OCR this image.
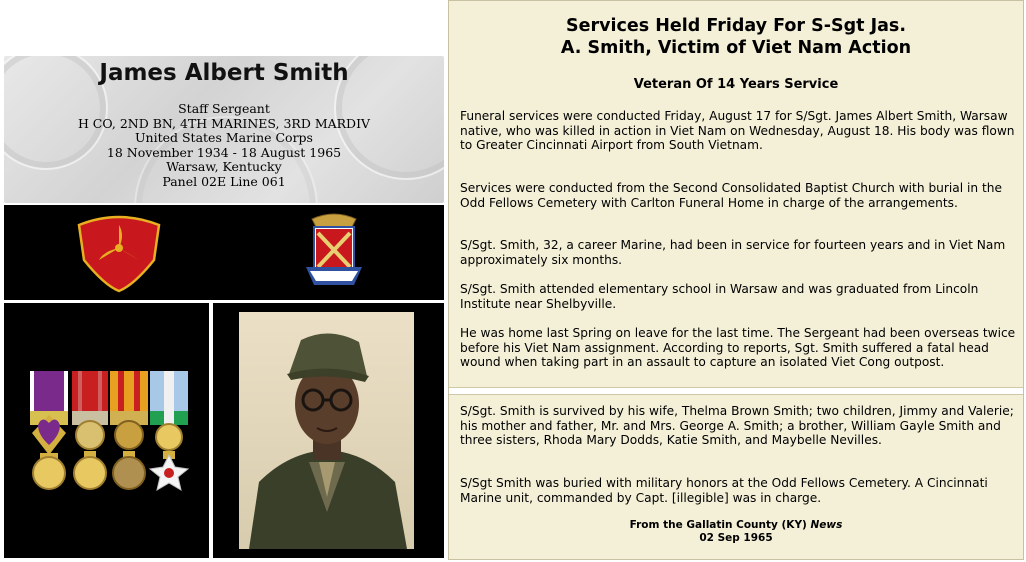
James Albert Smith
Staff Sergeant
H CO, 2ND BN, 4TH MARINES, 3RD MARDIV
United States Marine Corps
18 November 1934 - 18 August 1965
Warsaw, Kentucky
Panel 02E Line 061
Services Held Friday For S-Sgt Jas.
A. Smith, Victim of Viet Nam Action
Veteran Of 14 Years Service
Funeral services were conducted Friday, August 17 for S/Sgt. James Albert Smith, Warsaw native, who was killed in action in Viet Nam on Wednesday, August 18. His body was flown to Greater Cincinnati Airport from South Vietnam.
Services were conducted from the Second Consolidated Baptist Church with burial in the Odd Fellows Cemetery with Carlton Funeral Home in charge of the arrangements.
S/Sgt. Smith, 32, a career Marine, had been in service for fourteen years and in Viet Nam approximately six months.
S/Sgt. Smith attended elementary school in Warsaw and was graduated from Lincoln Institute near Shelbyville.
He was home last Spring on leave for the last time. The Sergeant had been overseas twice before his Viet Nam assignment. According to reports, Sgt. Smith suffered a fatal head wound when taking part in an assault to capture an isolated Viet Cong outpost.
S/Sgt. Smith is survived by his wife, Thelma Brown Smith; two children, Jimmy and Valerie; his mother and father, Mr. and Mrs. George A. Smith; a brother, William Gayle Smith and three sisters, Rhoda Mary Dodds, Katie Smith, and Maybelle Nevilles.
S/Sgt Smith was buried with military honors at the Odd Fellows Cemetery. A Cincinnati Marine unit, commanded by Capt. [illegible] was in charge.
From the Gallatin County (KY) News
02 Sep 1965
